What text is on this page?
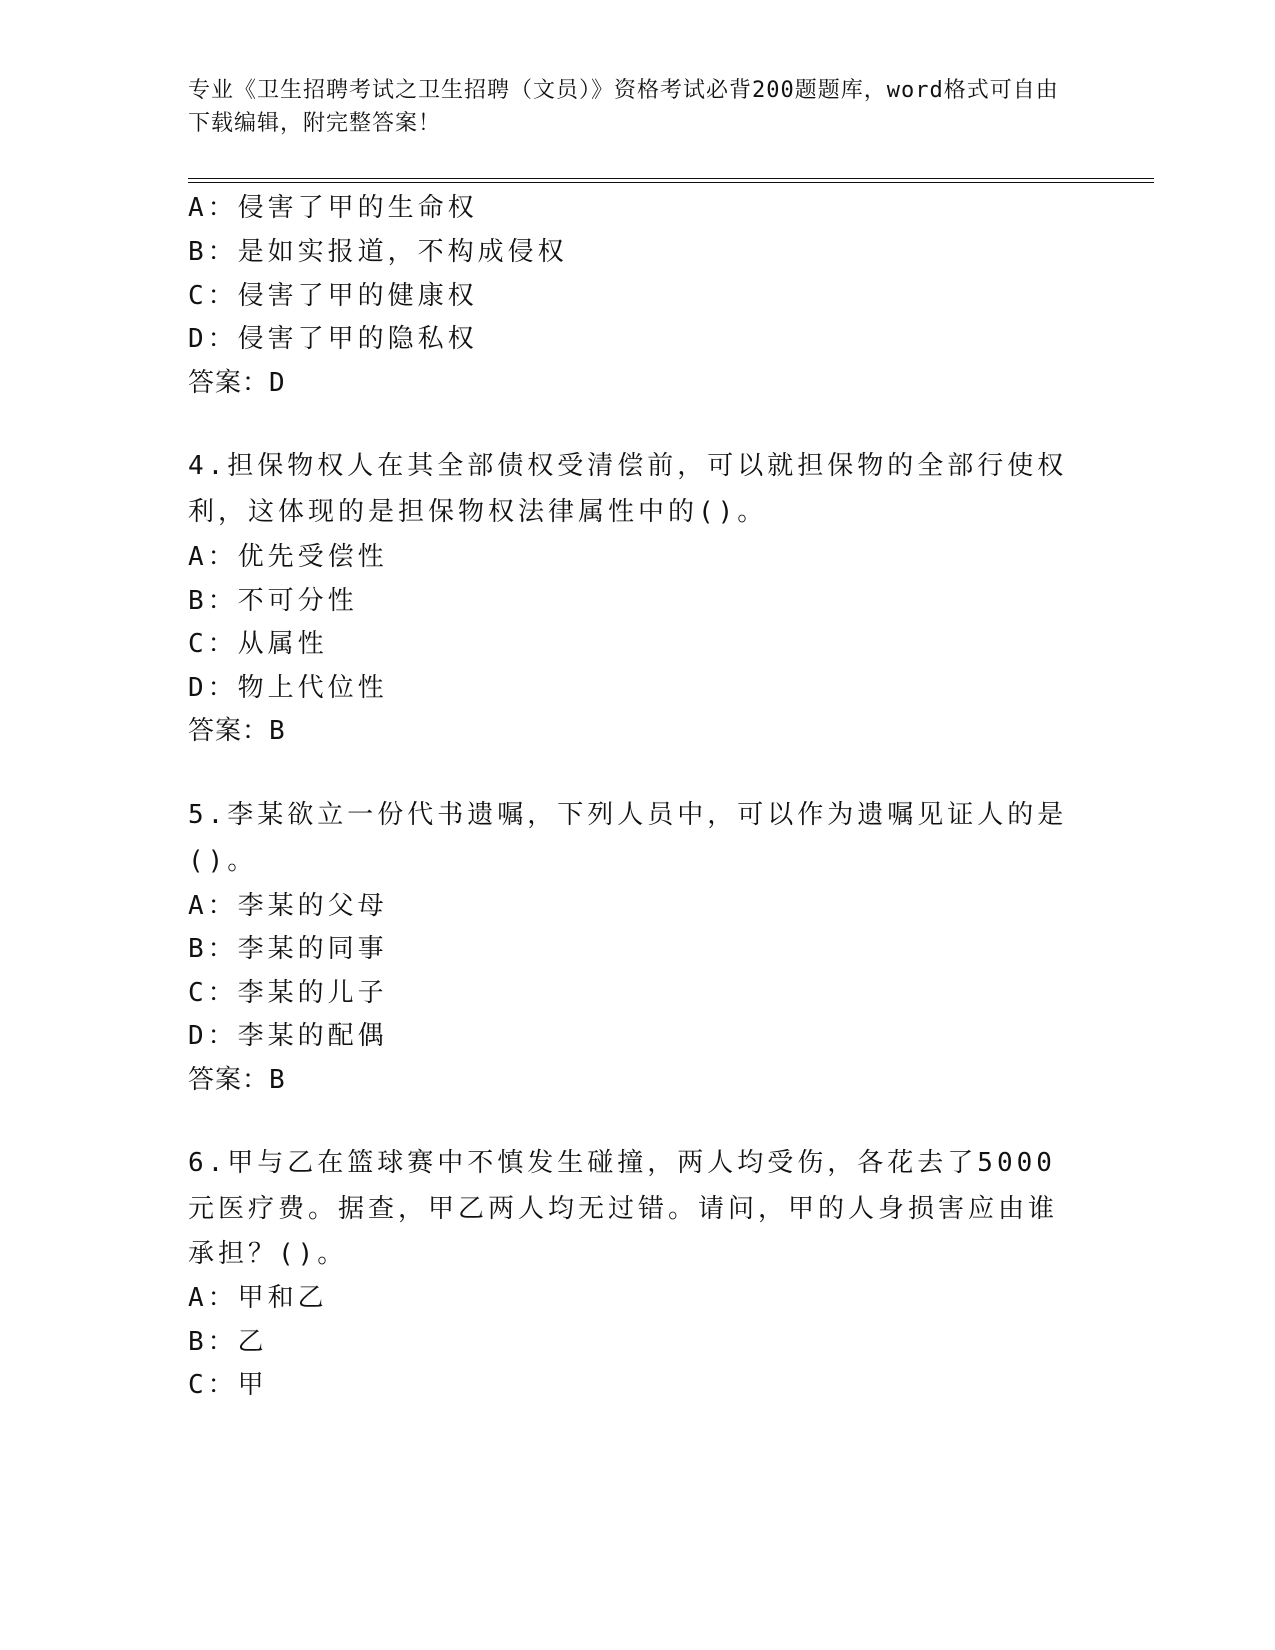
专业《卫生招聘考试之卫生招聘（文员）》资格考试必背200题题库，word格式可自由下载编辑，附完整答案！
A：侵害了甲的生命权
B：是如实报道，不构成侵权
C：侵害了甲的健康权
D：侵害了甲的隐私权
答案：D
4.担保物权人在其全部债权受清偿前，可以就担保物的全部行使权利，这体现的是担保物权法律属性中的()。
A：优先受偿性
B：不可分性
C：从属性
D：物上代位性
答案：B
5.李某欲立一份代书遗嘱，下列人员中，可以作为遗嘱见证人的是()。
A：李某的父母
B：李某的同事
C：李某的儿子
D：李某的配偶
答案：B
6.甲与乙在篮球赛中不慎发生碰撞，两人均受伤，各花去了5000元医疗费。据查，甲乙两人均无过错。请问，甲的人身损害应由谁承担？()。
A：甲和乙
B：乙
C：甲
